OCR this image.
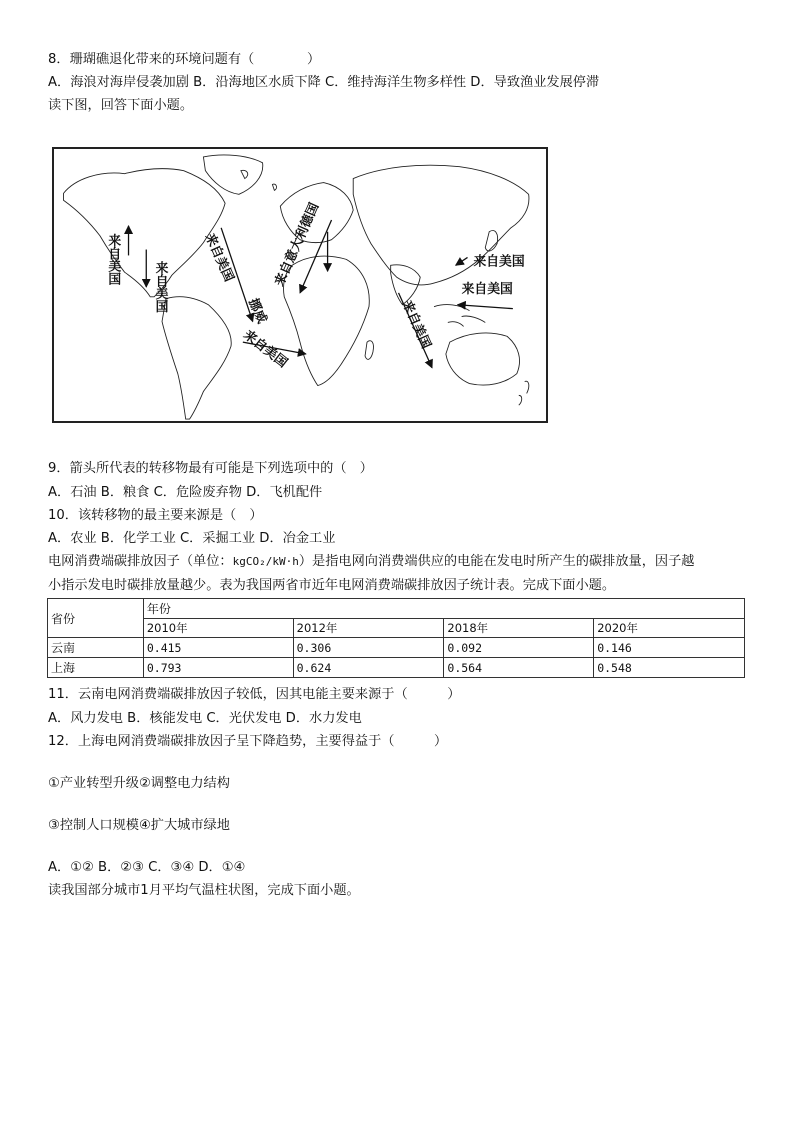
8．珊瑚礁退化带来的环境问题有（　　　　）
A．海浪对海岸侵袭加剧 B．沿海地区水质下降 C．维持海洋生物多样性 D．导致渔业发展停滞
读下图，回答下面小题。
来自美国
来自美国
来自美国
挪威
来自意大利德国
来自美国	来自美国
来自美国
来自美国
9．箭头所代表的转移物最有可能是下列选项中的（　）
A．石油 B．粮食 C．危险废弃物 D．飞机配件
10．该转移物的最主要来源是（　）
A．农业 B．化学工业 C．采掘工业 D．冶金工业
电网消费端碳排放因子（单位：kgCO₂/kW·h）是指电网向消费端供应的电能在发电时所产生的碳排放量，因子越
小指示发电时碳排放量越少。表为我国两省市近年电网消费端碳排放因子统计表。完成下面小题。
省份	年份			
	2010年	2012年	2018年	2020年
云南	0.415	0.306	0.092	0.146
上海	0.793	0.624	0.564	0.548
11．云南电网消费端碳排放因子较低，因其电能主要来源于（　　　）
A．风力发电 B．核能发电 C．光伏发电 D．水力发电
12．上海电网消费端碳排放因子呈下降趋势，主要得益于（　　　）
①产业转型升级②调整电力结构
③控制人口规模④扩大城市绿地
A．①② B．②③ C．③④ D．①④
读我国部分城市1月平均气温柱状图，完成下面小题。
